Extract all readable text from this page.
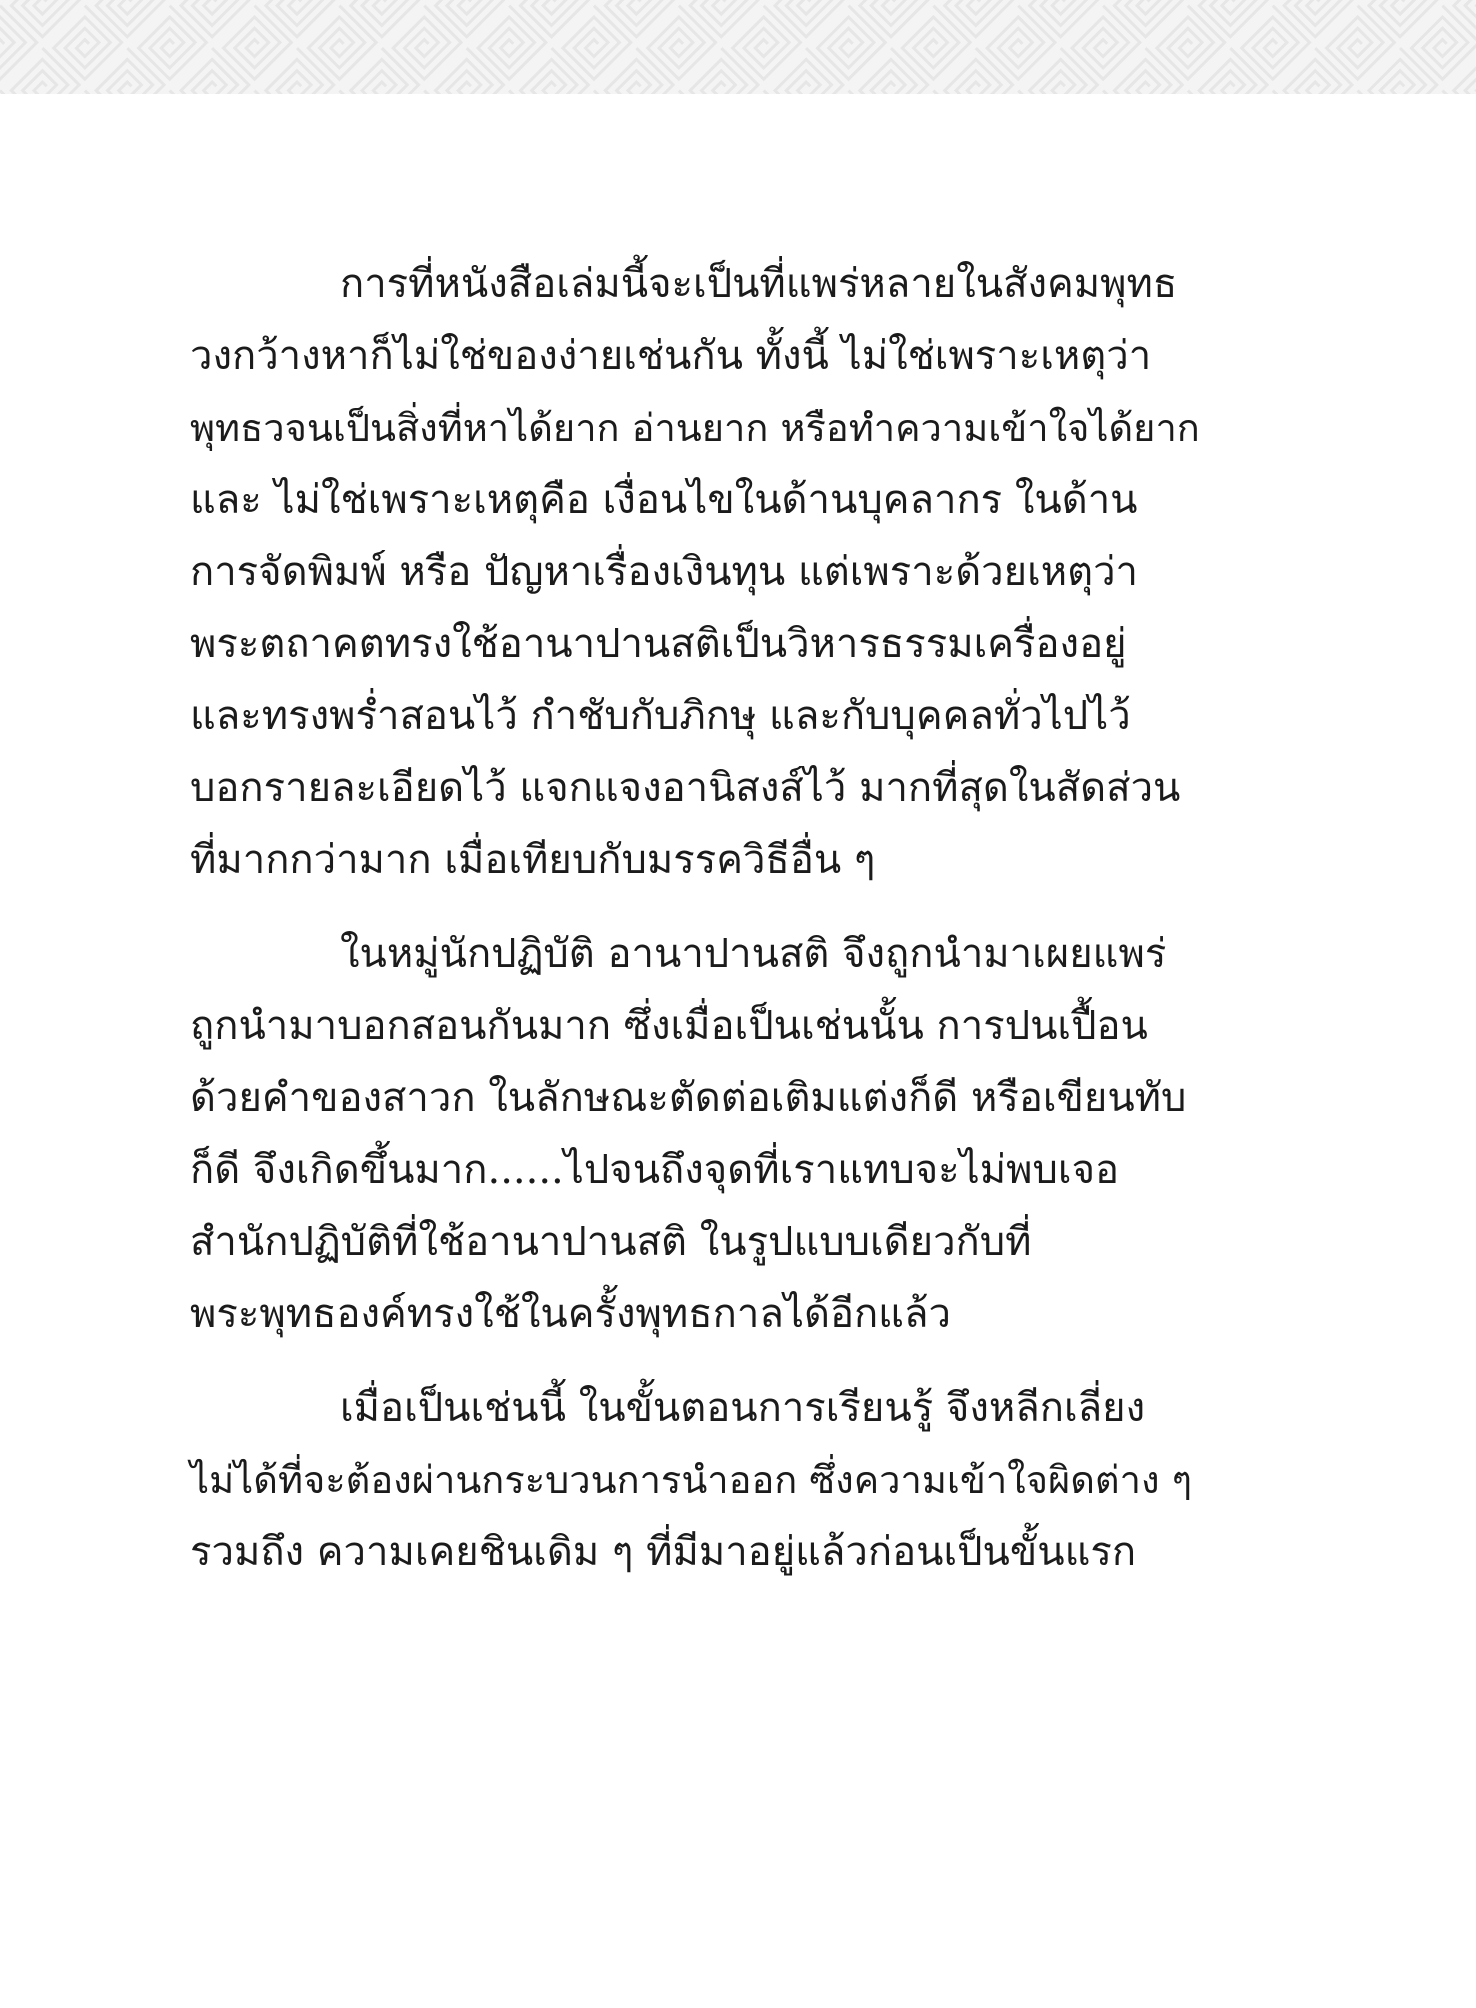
การที่หนังสือเล่มนี้จะเป็นที่แพร่หลายในสังคมพุทธ
วงกว้างหาก็ไม่ใช่ของง่ายเช่นกัน ทั้งนี้ ไม่ใช่เพราะเหตุว่า
พุทธวจนเป็นสิ่งที่หาได้ยาก อ่านยาก หรือทำความเข้าใจได้ยาก
และ ไม่ใช่เพราะเหตุคือ เงื่อนไขในด้านบุคลากร ในด้าน
การจัดพิมพ์ หรือ ปัญหาเรื่องเงินทุน แต่เพราะด้วยเหตุว่า
พระตถาคตทรงใช้อานาปานสติเป็นวิหารธรรมเครื่องอยู่
และทรงพร่ำสอนไว้ กำชับกับภิกษุ และกับบุคคลทั่วไปไว้
บอกรายละเอียดไว้ แจกแจงอานิสงส์ไว้ มากที่สุดในสัดส่วน
ที่มากกว่ามาก เมื่อเทียบกับมรรควิธีอื่น ๆ
ในหมู่นักปฏิบัติ อานาปานสติ จึงถูกนำมาเผยแพร่
ถูกนำมาบอกสอนกันมาก ซึ่งเมื่อเป็นเช่นนั้น การปนเปื้อน
ด้วยคำของสาวก ในลักษณะตัดต่อเติมแต่งก็ดี หรือเขียนทับ
ก็ดี จึงเกิดขึ้นมาก......ไปจนถึงจุดที่เราแทบจะไม่พบเจอ
สำนักปฏิบัติที่ใช้อานาปานสติ ในรูปแบบเดียวกับที่
พระพุทธองค์ทรงใช้ในครั้งพุทธกาลได้อีกแล้ว
เมื่อเป็นเช่นนี้ ในขั้นตอนการเรียนรู้ จึงหลีกเลี่ยง
ไม่ได้ที่จะต้องผ่านกระบวนการนำออก ซึ่งความเข้าใจผิดต่าง ๆ
รวมถึง ความเคยชินเดิม ๆ ที่มีมาอยู่แล้วก่อนเป็นขั้นแรก
